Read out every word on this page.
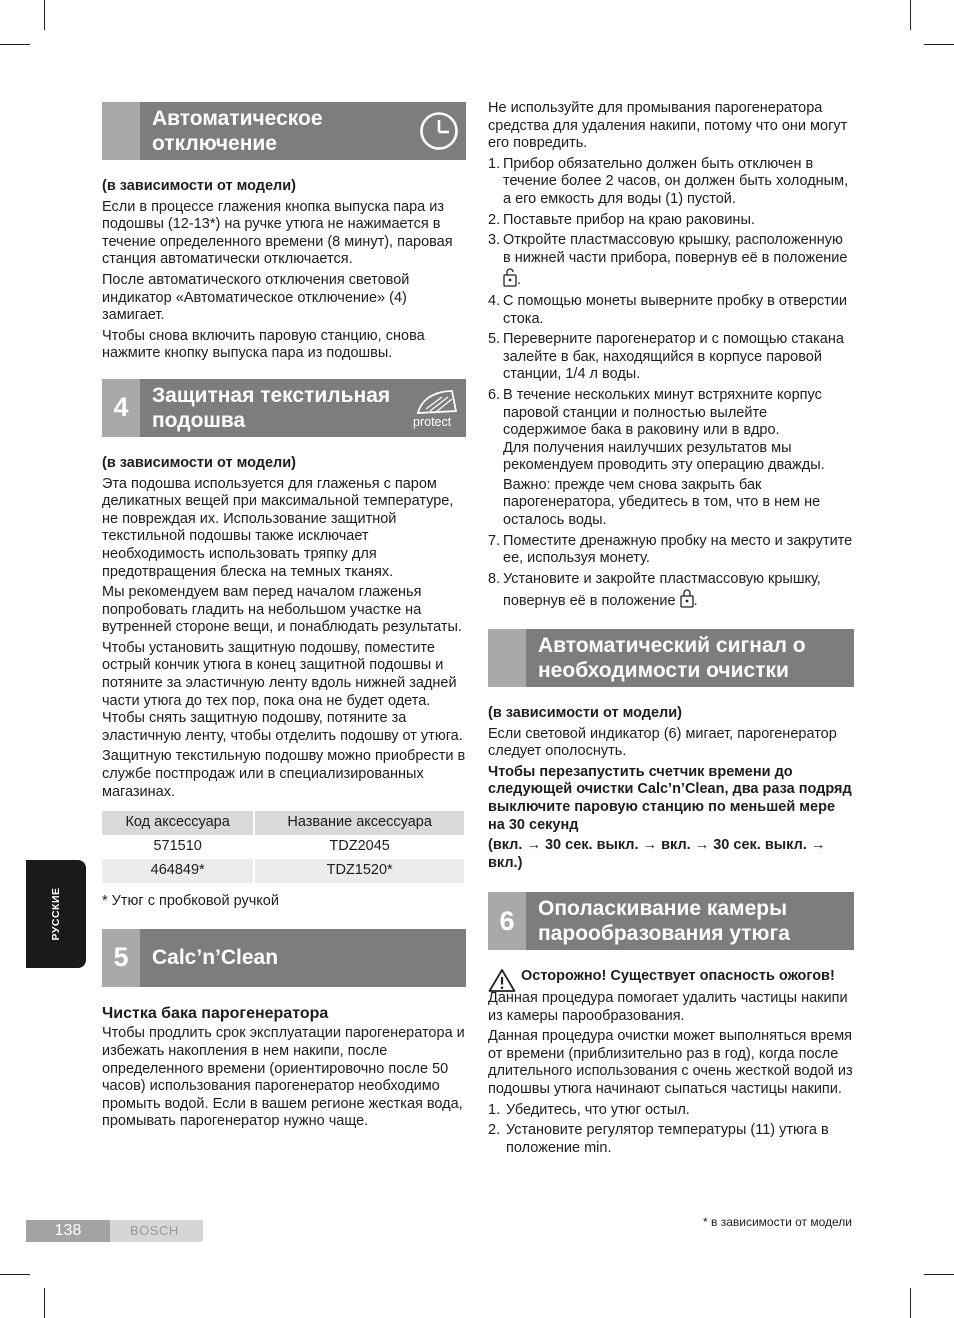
Автоматическое отключение

(в зависимости от модели)

Если в процессе глажения кнопка выпуска пара из подошвы (12-13*) на ручке утюга не нажимается в течение определенного времени (8 минут), паровая станция автоматически отключается.

После автоматического отключения световой индикатор «Автоматическое отключение» (4) замигает.

Чтобы снова включить паровую станцию, снова нажмите кнопку выпуска пара из подошвы.

4	Защитная текстильная подошва	protect

(в зависимости от модели)

Эта подошва используется для глаженья с паром деликатных вещей при максимальной температуре, не повреждая их. Использование защитной текстильной подошвы также исключает необходимость использовать тряпку для предотвращения блеска на темных тканях.

Мы рекомендуем вам перед началом глаженья попробовать гладить на небольшом участке на вутренней стороне вещи, и понаблюдать результаты.

Чтобы установить защитную подошву, поместите острый кончик утюга в конец защитной подошвы и потяните за эластичную ленту вдоль нижней задней части утюга до тех пор, пока она не будет одета. Чтобы снять защитную подошву, потяните за эластичную ленту, чтобы отделить подошву от утюга.

Защитную текстильную подошву можно приобрести в службе постпродаж или в специализированных магазинах.

Код аксессуара	Название аксессуара
571510	TDZ2045
464849*	TDZ1520*

* Утюг с пробковой ручкой

5	Calc’n’Clean

Чистка бака парогенератора

Чтобы продлить срок эксплуатации парогенератора и избежать накопления в нем накипи, после определенного времени (ориентировочно после 50 часов) использования парогенератор необходимо промыть водой. Если в вашем регионе жесткая вода, промывать парогенератор нужно чаще.

Не используйте для промывания парогенератора средства для удаления накипи, потому что они могут его повредить.

1. Прибор обязательно должен быть отключен в течение более 2 часов, он должен быть холодным, а его емкость для воды (1) пустой.
2. Поставьте прибор на краю раковины.
3. Откройте пластмассовую крышку, расположенную в нижней части прибора, повернув её в положение .
4. С помощью монеты выверните пробку в отверстии стока.
5. Переверните парогенератор и с помощью стакана залейте в бак, находящийся в корпусе паровой станции, 1/4 л воды.
6. В течение нескольких минут встряхните корпус паровой станции и полностью вылейте содержимое бака в раковину или в вдро.
Для получения наилучших результатов мы рекомендуем проводить эту операцию дважды.
Важно: прежде чем снова закрыть бак парогенератора, убедитесь в том, что в нем не осталось воды.
7. Поместите дренажную пробку на место и закрутите ее, используя монету.
8. Установите и закройте пластмассовую крышку, повернув её в положение .
Автоматический сигнал о необходимости очистки

(в зависимости от модели)

Если световой индикатор (6) мигает, парогенератор следует ополоснуть.

Чтобы перезапустить счетчик времени до следующей очистки Calc’n’Clean, два раза подряд выключите паровую станцию по меньшей мере на 30 секунд

(вкл. → 30 сек. выкл. → вкл. → 30 сек. выкл. → вкл.)

6	Ополаскивание камеры парообразования утюга
Осторожно! Существует опасность ожогов!

Данная процедура помогает удалить частицы накипи из камеры парообразования.

Данная процедура очистки может выполняться время от времени (приблизительно раз в год), когда после длительного использования с очень жесткой водой из подошвы утюга начинают сыпаться частицы накипи.

1. Убедитесь, что утюг остыл.
2. Установите регулятор температуры (11) утюга в положение min.
РУССКИЕ
138	BOSCH
* в зависимости от модели
